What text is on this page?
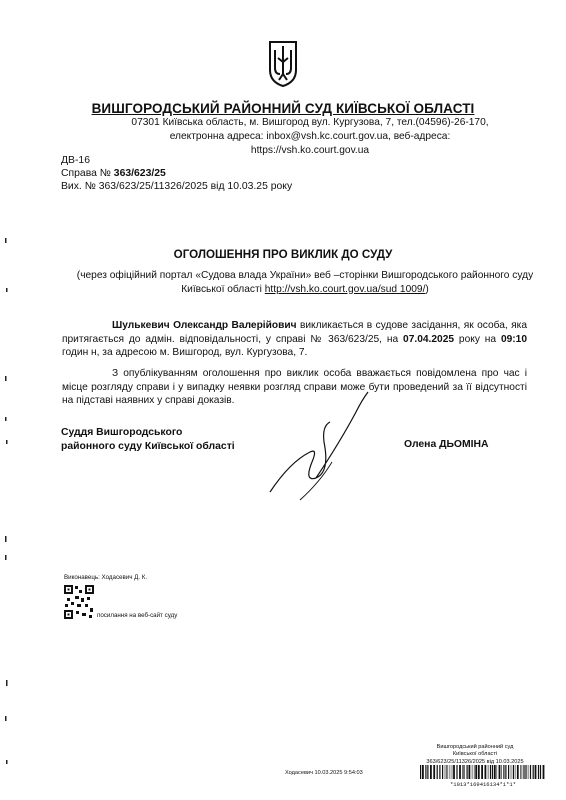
ВИШГОРОДСЬКИЙ РАЙОННИЙ СУД КИЇВСЬКОЇ ОБЛАСТІ
07301 Київська область, м. Вишгород вул. Кургузова, 7, тел.(04596)-26-170,
електронна адреса: inbox@vsh.kc.court.gov.ua, веб-адреса: https://vsh.ko.court.gov.ua
ДВ-16
Справа № 363/623/25
Вих. № 363/623/25/11326/2025 від 10.03.25 року
ОГОЛОШЕННЯ ПРО ВИКЛИК ДО СУДУ
(через офіційний портал «Судова влада України» веб –сторінки Вишгородського районного суду Київської області http://vsh.ko.court.gov.ua/sud 1009/)
Шулькевич Олександр Валерійович викликається в судове засідання, як особа, яка притягається до адмін. відповідальності, у справі № 363/623/25, на 07.04.2025 року на 09:10 годин н, за адресою м. Вишгород, вул. Кургузова, 7.
З опублікуванням оголошення про виклик особа вважається повідомлена про час і місце розгляду справи і у випадку неявки розгляд справи може бути проведений за її відсутності на підставі наявних у справі доказів.
Суддя Вишгородського
районного суду Київської області	Олена ДЬОМІНА
Виконавець: Ходасевич Д. К.
посилання на веб-сайт суду
Вишгородський районний суд
Київської області
363/623/25/11326/2025 від 10.03.2025
Ходасевич 10.03.2025 9:54:03
*1013*169416134*1*1*
